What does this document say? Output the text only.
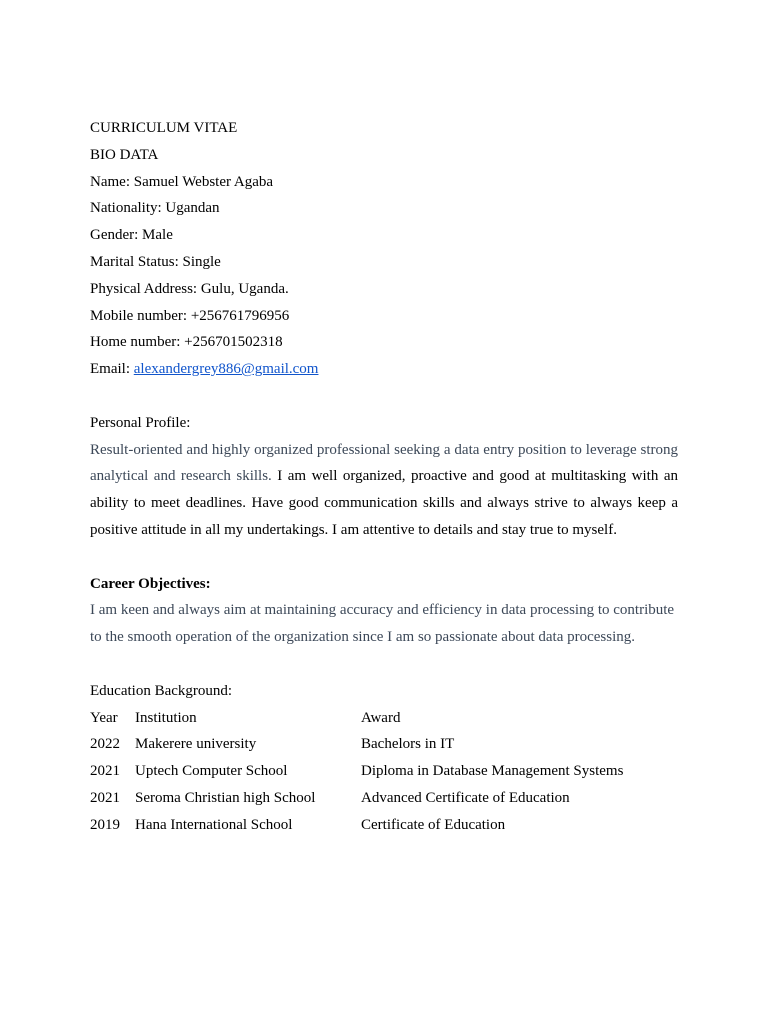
CURRICULUM VITAE
BIO DATA
Name: Samuel Webster Agaba
Nationality: Ugandan
Gender: Male
Marital Status: Single
Physical Address: Gulu, Uganda.
Mobile number: +256761796956
Home number: +256701502318
Email: alexandergrey886@gmail.com
Personal Profile:
Result-oriented and highly organized professional seeking a data entry position to leverage strong analytical and research skills. I am well organized, proactive and good at multitasking with an ability to meet deadlines. Have good communication skills and always strive to always keep a positive attitude in all my undertakings. I am attentive to details and stay true to myself.
Career Objectives:
I am keen and always aim at maintaining accuracy and efficiency in data processing to contribute to the smooth operation of the organization since I am so passionate about data processing.
Education Background:
Year	Institution	Award
2022	Makerere university	Bachelors in IT
2021	Uptech Computer School	Diploma in Database Management Systems
2021	Seroma Christian high School	Advanced Certificate of Education
2019	Hana International School	Certificate of Education
